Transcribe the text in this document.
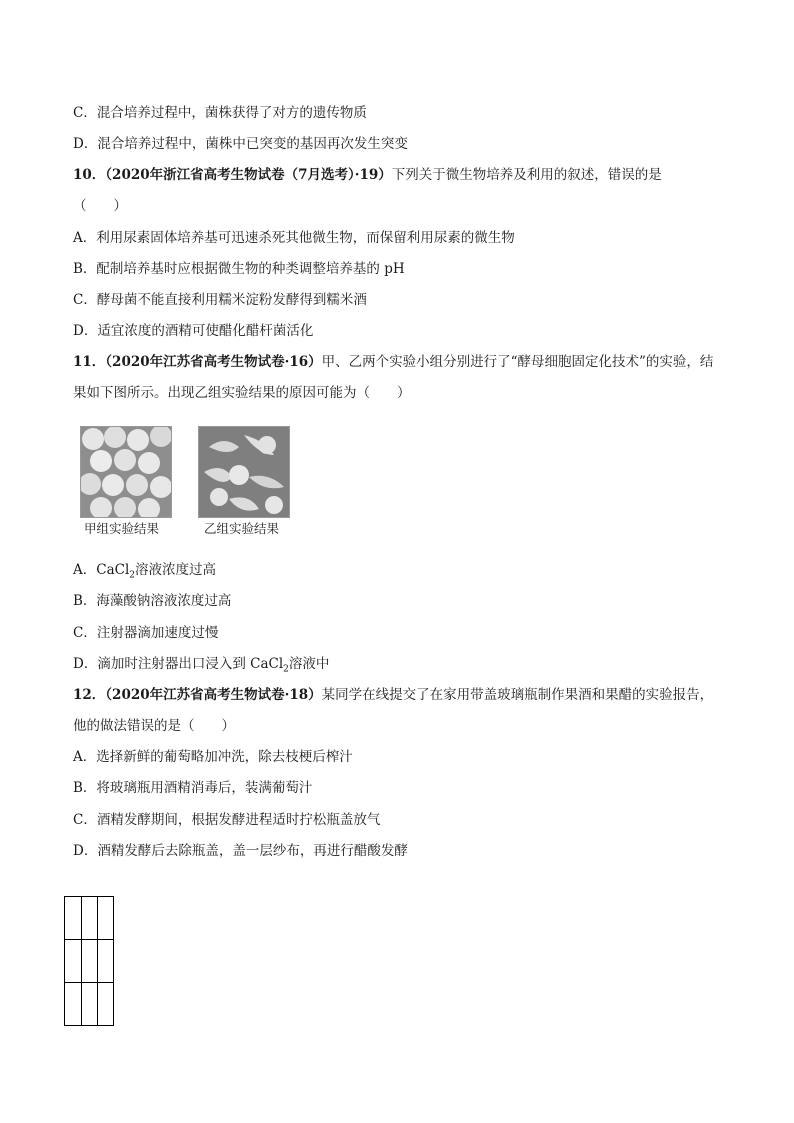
C．混合培养过程中，菌株获得了对方的遗传物质
D．混合培养过程中，菌株中已突变的基因再次发生突变
10．（2020年浙江省高考生物试卷（7月选考）·19）下列关于微生物培养及利用的叙述，错误的是
（　　）
A．利用尿素固体培养基可迅速杀死其他微生物，而保留利用尿素的微生物
B．配制培养基时应根据微生物的种类调整培养基的 pH
C．酵母菌不能直接利用糯米淀粉发酵得到糯米酒
D．适宜浓度的酒精可使醋化醋杆菌活化
11．（2020年江苏省高考生物试卷·16）甲、乙两个实验小组分别进行了“酵母细胞固定化技术”的实验，结
果如下图所示。出现乙组实验结果的原因可能为（　　）
甲组实验结果	乙组实验结果
A．CaCl$_2$溶液浓度过高
B．海藻酸钠溶液浓度过高
C．注射器滴加速度过慢
D．滴加时注射器出口浸入到 CaCl$_2$溶液中
12．（2020年江苏省高考生物试卷·18）某同学在线提交了在家用带盖玻璃瓶制作果酒和果醋的实验报告，
他的做法错误的是（　　）
A．选择新鲜的葡萄略加冲洗，除去枝梗后榨汁
B．将玻璃瓶用酒精消毒后，装满葡萄汁
C．酒精发酵期间，根据发酵进程适时拧松瓶盖放气
D．酒精发酵后去除瓶盖，盖一层纱布，再进行醋酸发酵
